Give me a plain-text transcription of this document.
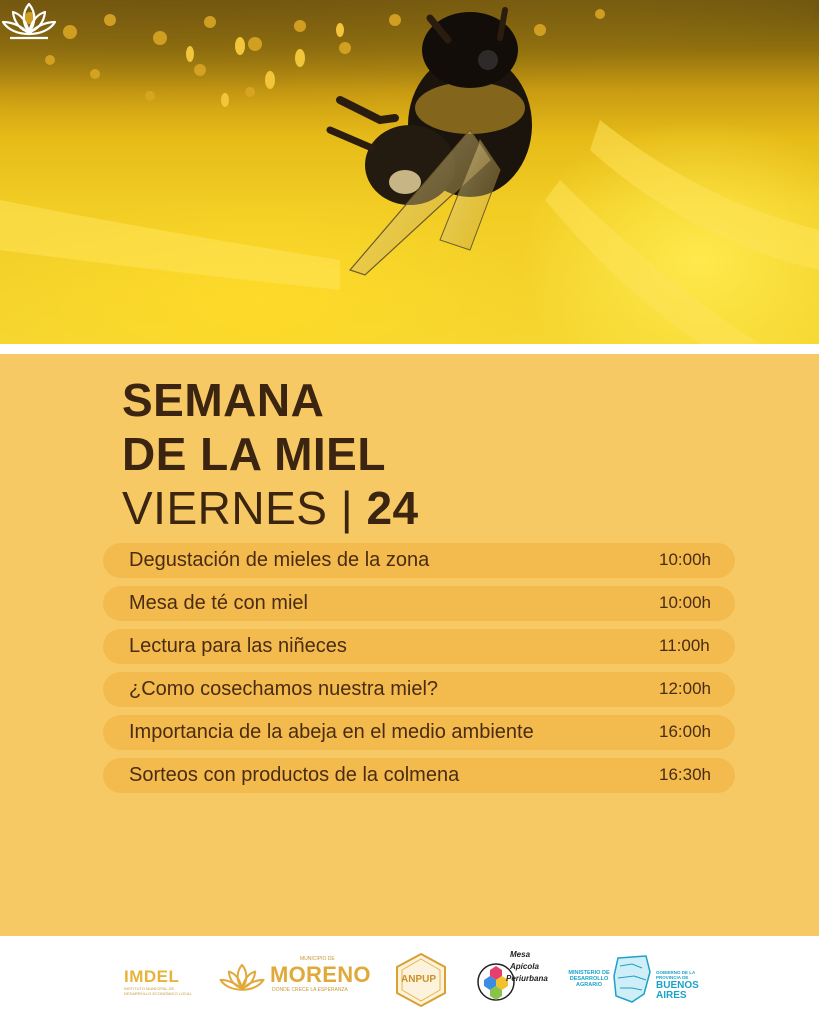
SEMANA
DE LA MIEL
VIERNES | 24
Degustación de mieles de la zona	10:00h
Mesa de té con miel	10:00h
Lectura para las niñeces	11:00h
¿Como cosechamos nuestra miel?	12:00h
Importancia de la abeja en el medio ambiente	16:00h
Sorteos con productos de la colmena	16:30h
IMDEL
INSTITUTO MUNICIPAL DE DESARROLLO ECONÓMICO LOCAL
MUNICIPIO DE
MORENO
DONDE CRECE LA ESPERANZA
ANPUP
Mesa
Apícola
Periurbana
MINISTERIO DE DESARROLLO AGRARIO
GOBIERNO DE LA PROVINCIA DE
BUENOS AIRES
